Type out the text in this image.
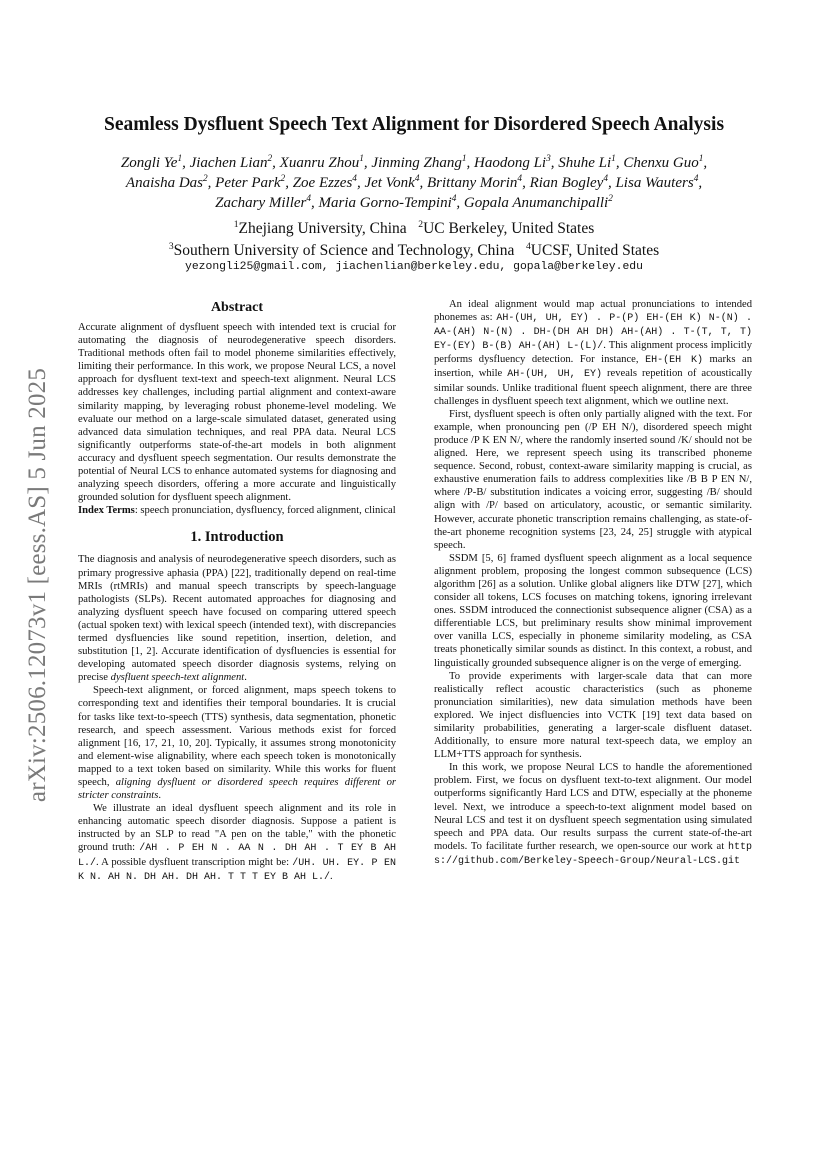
arXiv:2506.12073v1 [eess.AS] 5 Jun 2025
Seamless Dysfluent Speech Text Alignment for Disordered Speech Analysis
Zongli Ye$^1$, Jiachen Lian$^2$, Xuanru Zhou$^1$, Jinming Zhang$^1$, Haodong Li$^3$, Shuhe Li$^1$, Chenxu Guo$^1$,
Anaisha Das$^2$, Peter Park$^2$, Zoe Ezzes$^4$, Jet Vonk$^4$, Brittany Morin$^4$, Rian Bogley$^4$, Lisa Wauters$^4$,
Zachary Miller$^4$, Maria Gorno-Tempini$^4$, Gopala Anumanchipalli$^2$
$^1$Zhejiang University, China $^2$UC Berkeley, United States
$^3$Southern University of Science and Technology, China $^4$UCSF, United States
yezongli25@gmail.com, jiachenlian@berkeley.edu, gopala@berkeley.edu
Abstract

Accurate alignment of dysfluent speech with intended text is crucial for automating the diagnosis of neurodegenerative speech disorders. Traditional methods often fail to model phoneme similarities effectively, limiting their performance. In this work, we propose Neural LCS, a novel approach for dysfluent text-text and speech-text alignment. Neural LCS addresses key challenges, including partial alignment and context-aware similarity mapping, by leveraging robust phoneme-level modeling. We evaluate our method on a large-scale simulated dataset, generated using advanced data simulation techniques, and real PPA data. Neural LCS significantly outperforms state-of-the-art models in both alignment accuracy and dysfluent speech segmentation. Our results demonstrate the potential of Neural LCS to enhance automated systems for diagnosing and analyzing speech disorders, offering a more accurate and linguistically grounded solution for dysfluent speech alignment.

Index Terms: speech pronunciation, dysfluency, forced alignment, clinical

1. Introduction

The diagnosis and analysis of neurodegenerative speech disorders, such as primary progressive aphasia (PPA) [22], traditionally depend on real-time MRIs (rtMRIs) and manual speech transcripts by speech-language pathologists (SLPs). Recent automated approaches for diagnosing and analyzing dysfluent speech have focused on comparing uttered speech (actual spoken text) with lexical speech (intended text), with discrepancies termed dysfluencies like sound repetition, insertion, deletion, and substitution [1, 2]. Accurate identification of dysfluencies is essential for developing automated speech disorder diagnosis systems, relying on precise dysfluent speech-text alignment.

Speech-text alignment, or forced alignment, maps speech tokens to corresponding text and identifies their temporal boundaries. It is crucial for tasks like text-to-speech (TTS) synthesis, data segmentation, phonetic research, and speech assessment. Various methods exist for forced alignment [16, 17, 21, 10, 20]. Typically, it assumes strong monotonicity and element-wise alignability, where each speech token is monotonically mapped to a text token based on similarity. While this works for fluent speech, aligning dysfluent or disordered speech requires different or stricter constraints.

We illustrate an ideal dysfluent speech alignment and its role in enhancing automatic speech disorder diagnosis. Suppose a patient is instructed by an SLP to read "A pen on the table," with the phonetic ground truth: /AH . P EH N . AA N . DH AH . T EY B AH L./. A possible dysfluent transcription might be: /UH. UH. EY. P EN K N. AH N. DH AH. DH AH. T T T EY B AH L./.

An ideal alignment would map actual pronunciations to intended phonemes as: AH-(UH, UH, EY) . P-(P) EH-(EH K) N-(N) . AA-(AH) N-(N) . DH-(DH AH DH) AH-(AH) . T-(T, T, T) EY-(EY) B-(B) AH-(AH) L-(L)/. This alignment process implicitly performs dysfluency detection. For instance, EH-(EH K) marks an insertion, while AH-(UH, UH, EY) reveals repetition of acoustically similar sounds. Unlike traditional fluent speech alignment, there are three challenges in dysfluent speech text alignment, which we outline next.

First, dysfluent speech is often only partially aligned with the text. For example, when pronouncing pen (/P EH N/), disordered speech might produce /P K EN N/, where the randomly inserted sound /K/ should not be aligned. Here, we represent speech using its transcribed phoneme sequence. Second, robust, context-aware similarity mapping is crucial, as exhaustive enumeration fails to address complexities like /B B P EN N/, where /P-B/ substitution indicates a voicing error, suggesting /B/ should align with /P/ based on articulatory, acoustic, or semantic similarity. However, accurate phonetic transcription remains challenging, as state-of-the-art phoneme recognition systems [23, 24, 25] struggle with atypical speech.

SSDM [5, 6] framed dysfluent speech alignment as a local sequence alignment problem, proposing the longest common subsequence (LCS) algorithm [26] as a solution. Unlike global aligners like DTW [27], which consider all tokens, LCS focuses on matching tokens, ignoring irrelevant ones. SSDM introduced the connectionist subsequence aligner (CSA) as a differentiable LCS, but preliminary results show minimal improvement over vanilla LCS, especially in phoneme similarity modeling, as CSA treats phonetically similar sounds as distinct. In this context, a robust, and linguistically grounded subsequence aligner is on the verge of emerging.

To provide experiments with larger-scale data that can more realistically reflect acoustic characteristics (such as phoneme pronunciation similarities), new data simulation methods have been explored. We inject disfluencies into VCTK [19] text data based on similarity probabilities, generating a larger-scale disfluent dataset. Additionally, to ensure more natural text-speech data, we employ an LLM+TTS approach for synthesis.

In this work, we propose Neural LCS to handle the aforementioned problem. First, we focus on dysfluent text-to-text alignment. Our model outperforms significantly Hard LCS and DTW, especially at the phoneme level. Next, we introduce a speech-to-text alignment model based on Neural LCS and test it on dysfluent speech segmentation using simulated speech and PPA data. Our results surpass the current state-of-the-art models. To facilitate further research, we open-source our work at https://github.com/Berkeley-Speech-Group/Neural-LCS.git
